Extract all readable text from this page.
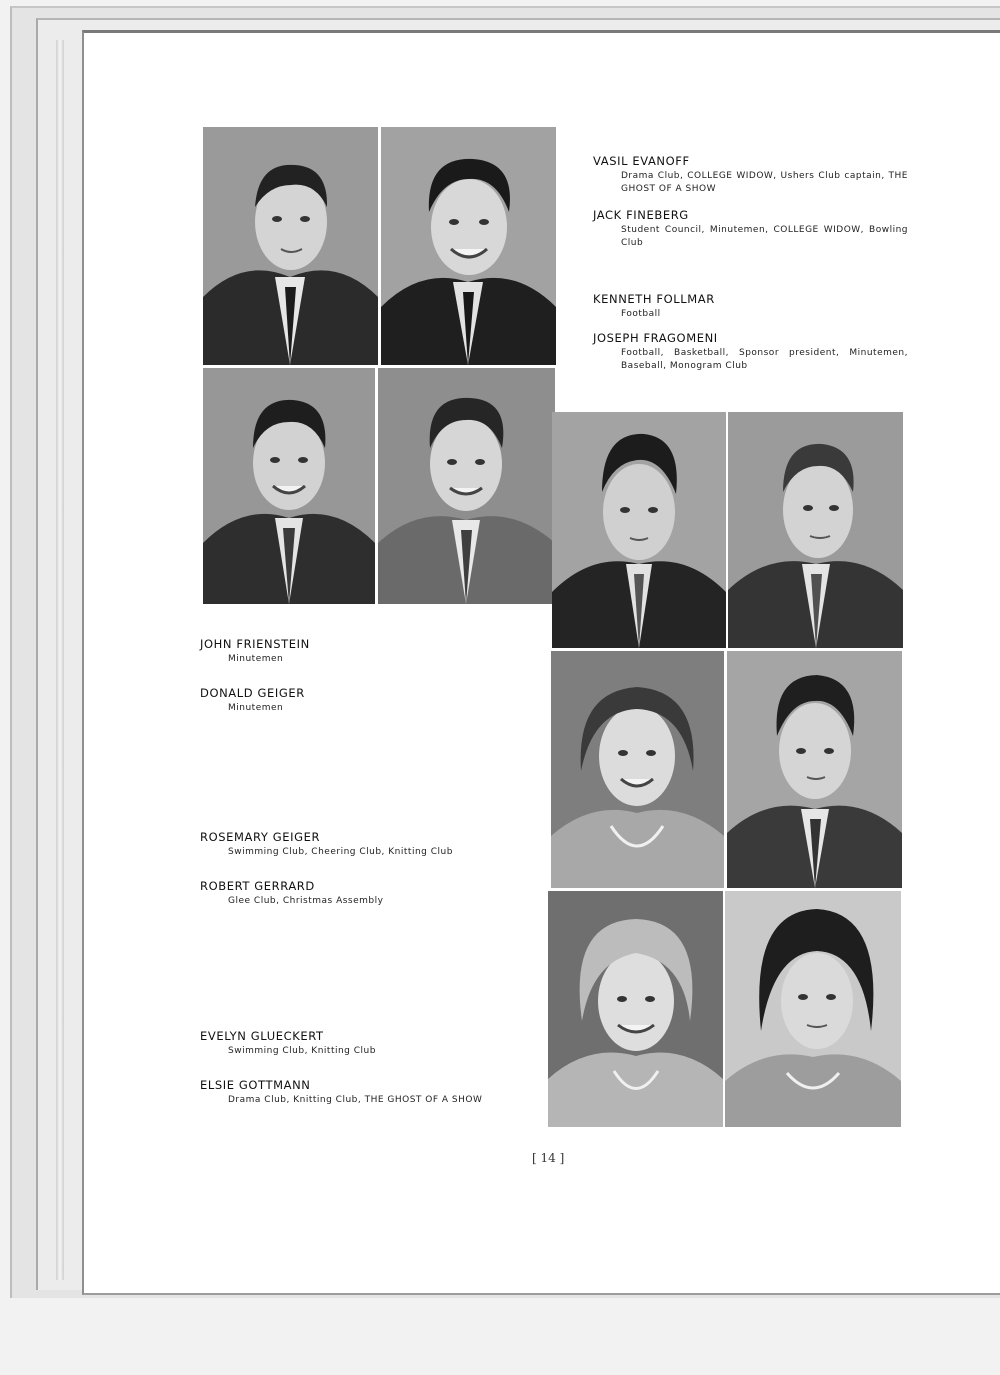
VASIL EVANOFF
Drama Club, COLLEGE WIDOW, Ushers Club captain, THE GHOST OF A SHOW
JACK FINEBERG
Student Council, Minutemen, COLLEGE WIDOW, Bowling Club
KENNETH FOLLMAR
Football
JOSEPH FRAGOMENI
Football, Basketball, Sponsor president, Minutemen, Baseball, Monogram Club
JOHN FRIENSTEIN
Minutemen
DONALD GEIGER
Minutemen
ROSEMARY GEIGER
Swimming Club, Cheering Club, Knitting Club
ROBERT GERRARD
Glee Club, Christmas Assembly
EVELYN GLUECKERT
Swimming Club, Knitting Club
ELSIE GOTTMANN
Drama Club, Knitting Club, THE GHOST OF A SHOW
[ 14 ]
